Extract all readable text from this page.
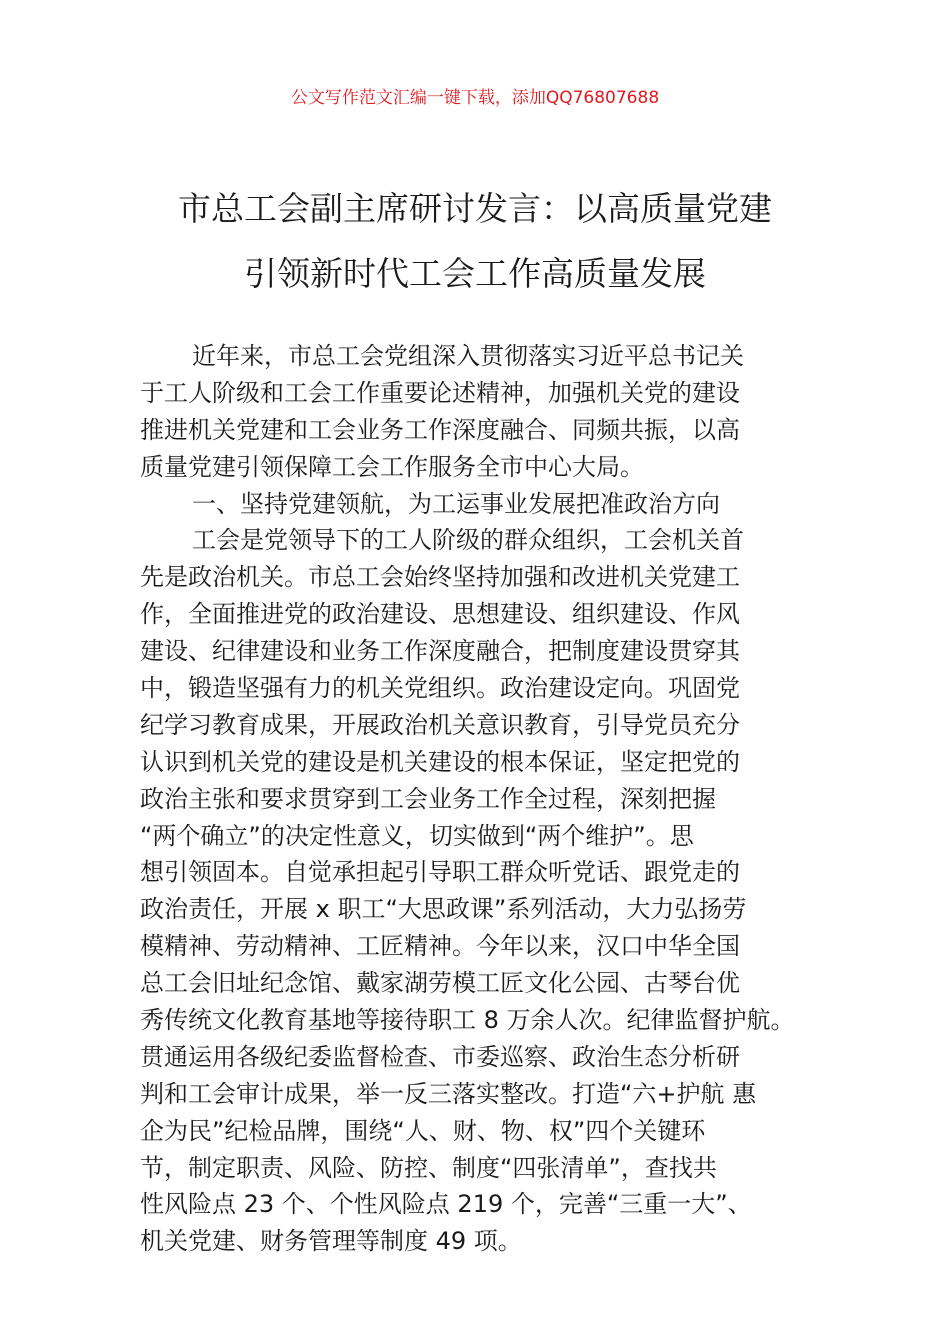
公文写作范文汇编一键下载，添加QQ76807688
市总工会副主席研讨发言：以高质量党建
引领新时代工会工作高质量发展
近年来，市总工会党组深入贯彻落实习近平总书记关
于工人阶级和工会工作重要论述精神，加强机关党的建设
推进机关党建和工会业务工作深度融合、同频共振，以高
质量党建引领保障工会工作服务全市中心大局。
一、坚持党建领航，为工运事业发展把准政治方向
工会是党领导下的工人阶级的群众组织，工会机关首
先是政治机关。市总工会始终坚持加强和改进机关党建工
作，全面推进党的政治建设、思想建设、组织建设、作风
建设、纪律建设和业务工作深度融合，把制度建设贯穿其
中，锻造坚强有力的机关党组织。政治建设定向。巩固党
纪学习教育成果，开展政治机关意识教育，引导党员充分
认识到机关党的建设是机关建设的根本保证，坚定把党的
政治主张和要求贯穿到工会业务工作全过程，深刻把握
“两个确立”的决定性意义，切实做到“两个维护”。思
想引领固本。自觉承担起引导职工群众听党话、跟党走的
政治责任，开展 x 职工“大思政课”系列活动，大力弘扬劳
模精神、劳动精神、工匠精神。今年以来，汉口中华全国
总工会旧址纪念馆、戴家湖劳模工匠文化公园、古琴台优
秀传统文化教育基地等接待职工 8 万余人次。纪律监督护航。
贯通运用各级纪委监督检查、市委巡察、政治生态分析研
判和工会审计成果，举一反三落实整改。打造“六+护航 惠
企为民”纪检品牌，围绕“人、财、物、权”四个关键环
节，制定职责、风险、防控、制度“四张清单”，查找共
性风险点 23 个、个性风险点 219 个，完善“三重一大”、
机关党建、财务管理等制度 49 项。
